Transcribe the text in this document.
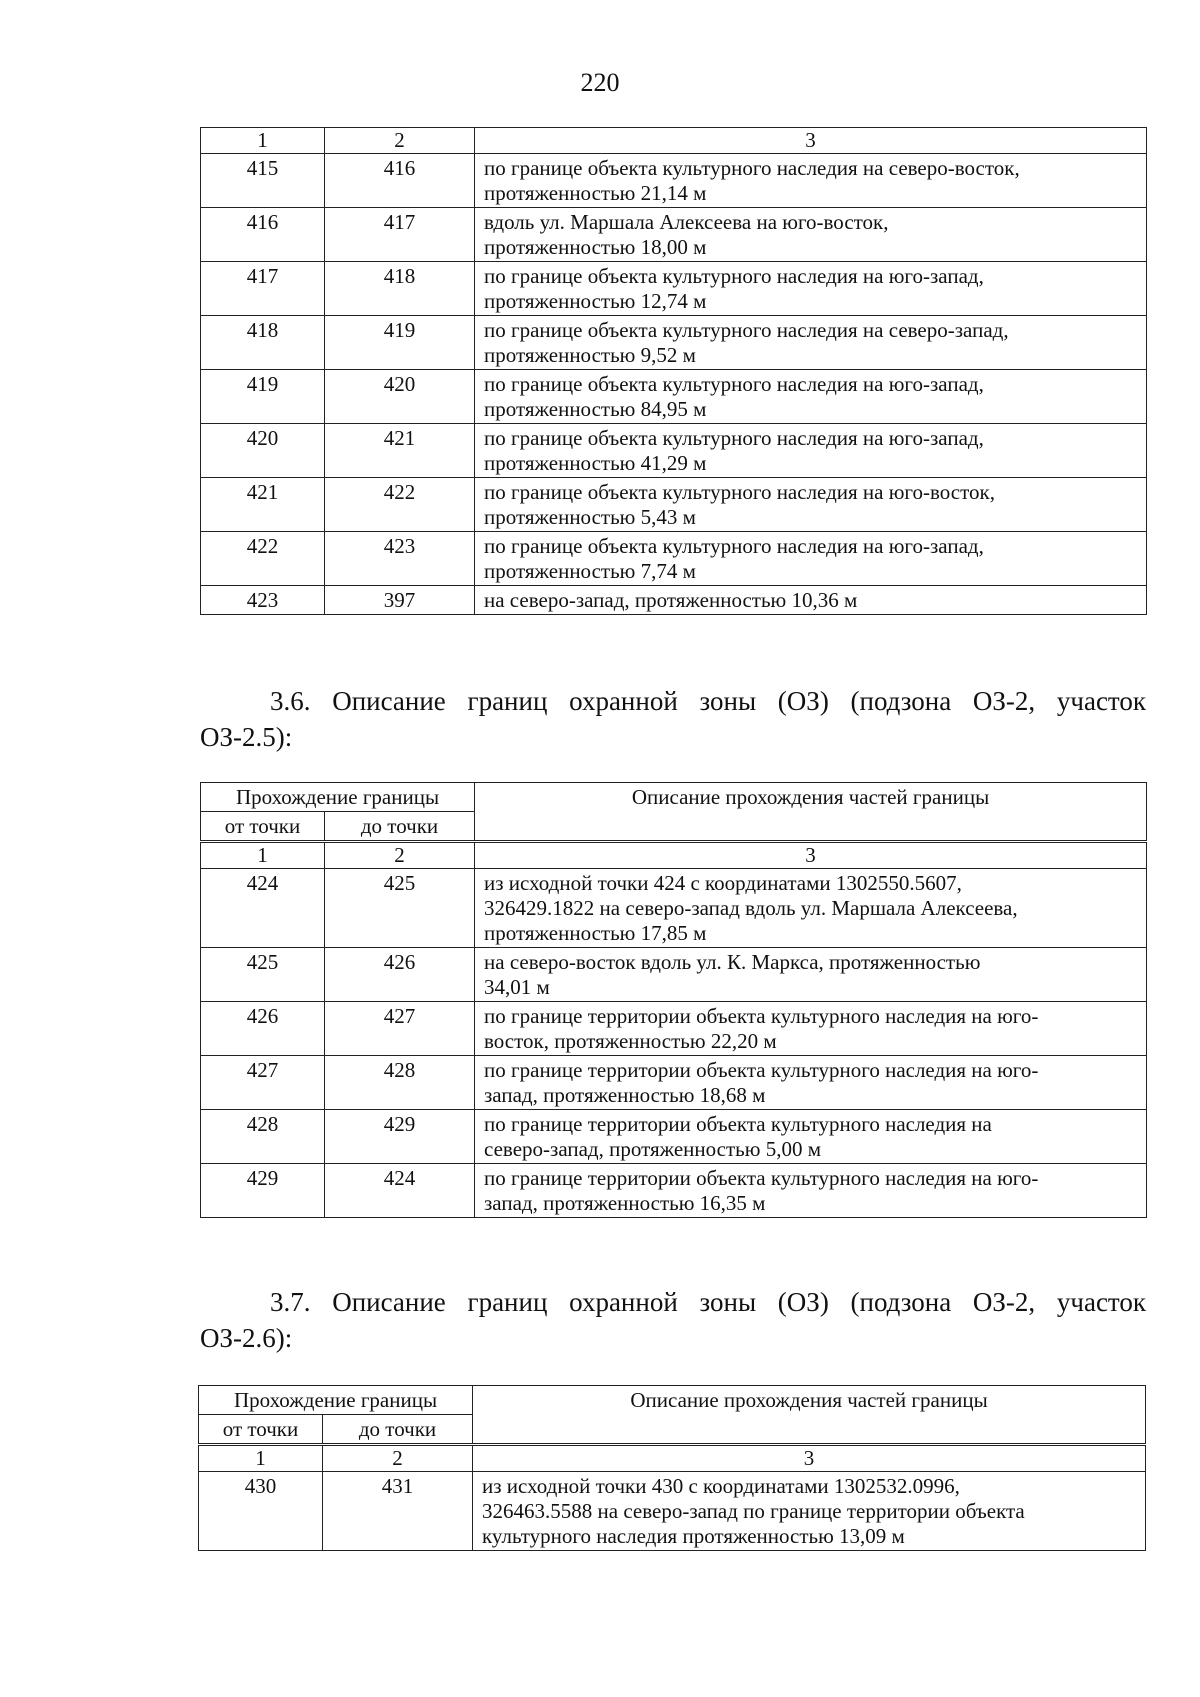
220
1	2	3
415	416	по границе объекта культурного наследия на северо-восток,
протяженностью 21,14 м

416	417	вдоль ул. Маршала Алексеева на юго-восток,
протяженностью 18,00 м

417	418	по границе объекта культурного наследия на юго-запад,
протяженностью 12,74 м

418	419	по границе объекта культурного наследия на северо-запад,
протяженностью 9,52 м

419	420	по границе объекта культурного наследия на юго-запад,
протяженностью 84,95 м

420	421	по границе объекта культурного наследия на юго-запад,
протяженностью 41,29 м

421	422	по границе объекта культурного наследия на юго-восток,
протяженностью 5,43 м

422	423	по границе объекта культурного наследия на юго-запад,
протяженностью 7,74 м

423	397	на северо-запад, протяженностью 10,36 м
3.6. Описание границ охранной зоны (ОЗ) (подзона ОЗ-2, участок
ОЗ-2.5):
Прохождение границы		Описание прохождения частей границы
от точки	до точки	
1	2	3
424	425	из исходной точки 424 с координатами 1302550.5607,
326429.1822 на северо-запад вдоль ул. Маршала Алексеева,
протяженностью 17,85 м

425	426	на северо-восток вдоль ул. К. Маркса, протяженностью
34,01 м

426	427	по границе территории объекта культурного наследия на юго-
восток, протяженностью 22,20 м

427	428	по границе территории объекта культурного наследия на юго-
запад, протяженностью 18,68 м

428	429	по границе территории объекта культурного наследия на
северо-запад, протяженностью 5,00 м

429	424	по границе территории объекта культурного наследия на юго-
запад, протяженностью 16,35 м
3.7. Описание границ охранной зоны (ОЗ) (подзона ОЗ-2, участок
ОЗ-2.6):
Прохождение границы		Описание прохождения частей границы
от точки	до точки	
1	2	3
430	431	из исходной точки 430 с координатами 1302532.0996,
326463.5588 на северо-запад по границе территории объекта
культурного наследия протяженностью 13,09 м
